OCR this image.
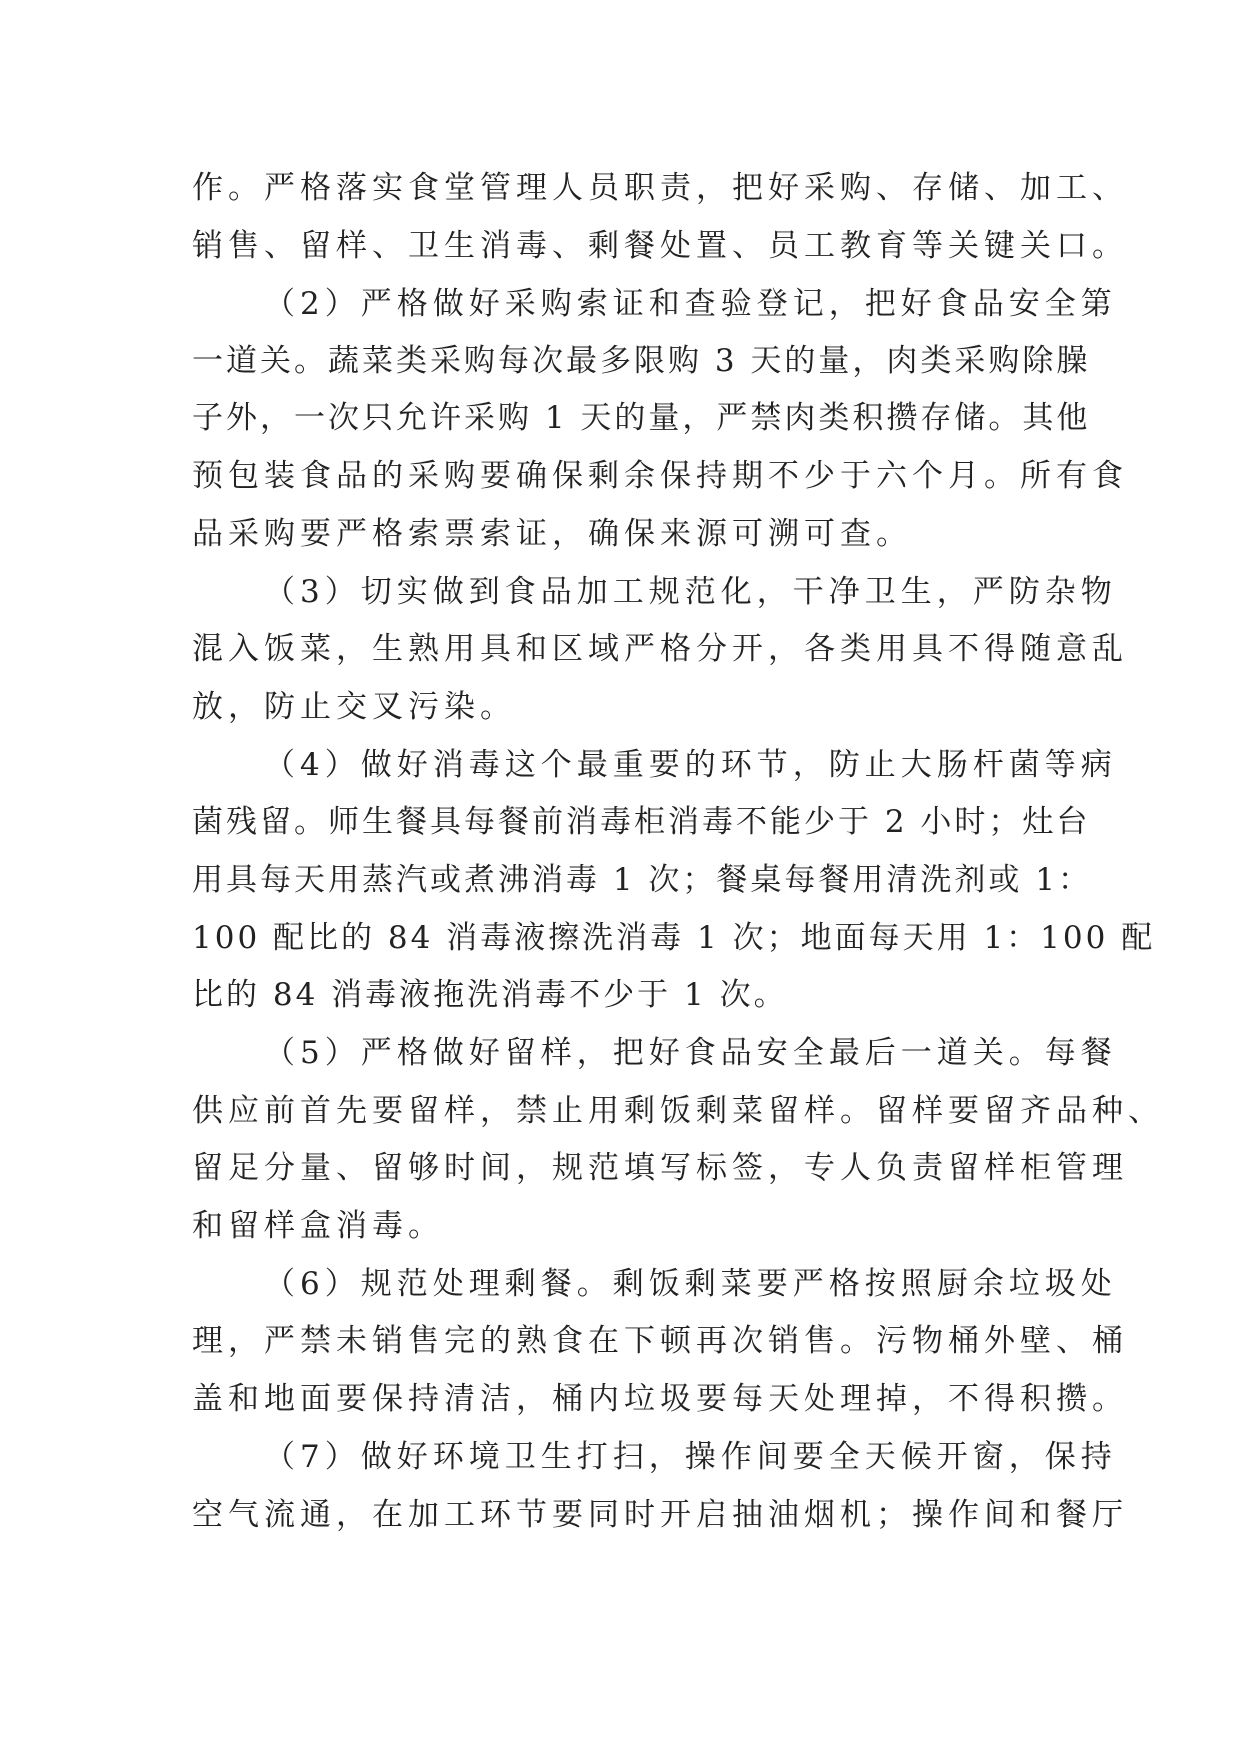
作。严格落实食堂管理人员职责，把好采购、存储、加工、
销售、留样、卫生消毒、剩餐处置、员工教育等关键关口。
（2）严格做好采购索证和查验登记，把好食品安全第
一道关。蔬菜类采购每次最多限购 3 天的量，肉类采购除臊
子外，一次只允许采购 1 天的量，严禁肉类积攒存储。其他
预包装食品的采购要确保剩余保持期不少于六个月。所有食
品采购要严格索票索证，确保来源可溯可查。
（3）切实做到食品加工规范化，干净卫生，严防杂物
混入饭菜，生熟用具和区域严格分开，各类用具不得随意乱
放，防止交叉污染。
（4）做好消毒这个最重要的环节，防止大肠杆菌等病
菌残留。师生餐具每餐前消毒柜消毒不能少于 2 小时；灶台
用具每天用蒸汽或煮沸消毒 1 次；餐桌每餐用清洗剂或 1：
100 配比的 84 消毒液擦洗消毒 1 次；地面每天用 1：100 配
比的 84 消毒液拖洗消毒不少于 1 次。
（5）严格做好留样，把好食品安全最后一道关。每餐
供应前首先要留样，禁止用剩饭剩菜留样。留样要留齐品种、
留足分量、留够时间，规范填写标签，专人负责留样柜管理
和留样盒消毒。
（6）规范处理剩餐。剩饭剩菜要严格按照厨余垃圾处
理，严禁未销售完的熟食在下顿再次销售。污物桶外壁、桶
盖和地面要保持清洁，桶内垃圾要每天处理掉，不得积攒。
（7）做好环境卫生打扫，操作间要全天候开窗，保持
空气流通，在加工环节要同时开启抽油烟机；操作间和餐厅
